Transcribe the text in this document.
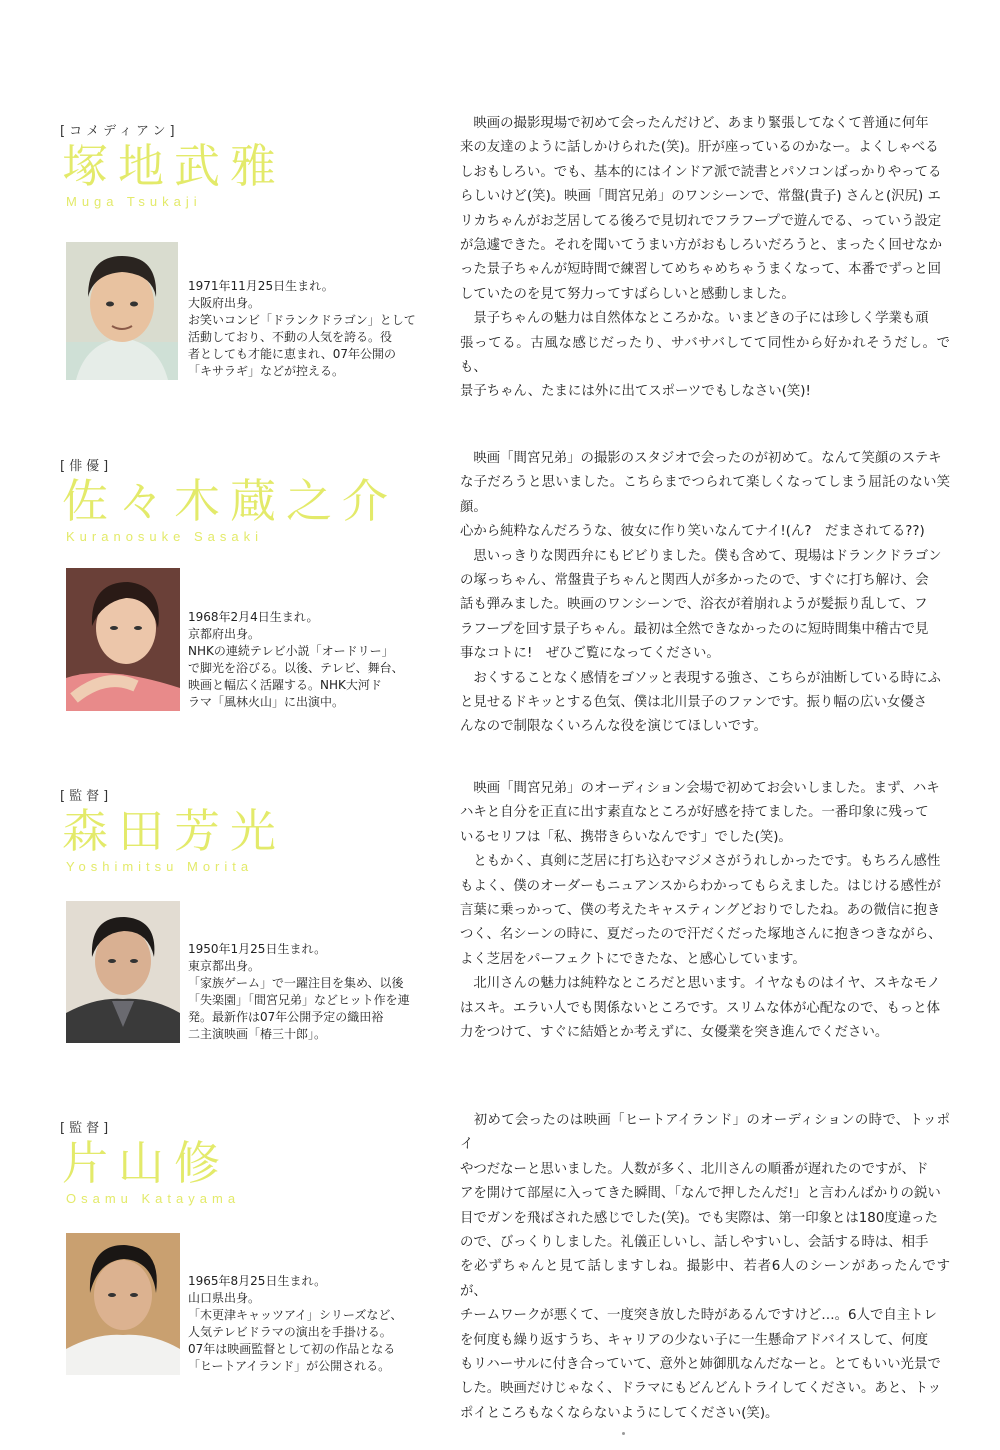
[コメディアン]
塚地武雅
Muga Tsukaji
1971年11月25日生まれ。
大阪府出身。
お笑いコンビ「ドランクドラゴン」として
活動しており、不動の人気を誇る。役
者としても才能に恵まれ、07年公開の
「キサラギ」などが控える。
　映画の撮影現場で初めて会ったんだけど、あまり緊張してなくて普通に何年
来の友達のように話しかけられた(笑)。肝が座っているのかなー。よくしゃべる
しおもしろい。でも、基本的にはインドア派で読書とパソコンばっかりやってる
らしいけど(笑)。映画「間宮兄弟」のワンシーンで、常盤(貴子) さんと(沢尻) エ
リカちゃんがお芝居してる後ろで見切れでフラフープで遊んでる、っていう設定
が急遽できた。それを聞いてうまい方がおもしろいだろうと、まったく回せなか
った景子ちゃんが短時間で練習してめちゃめちゃうまくなって、本番でずっと回
していたのを見て努力ってすばらしいと感動しました。
　景子ちゃんの魅力は自然体なところかな。いまどきの子には珍しく学業も頑
張ってる。古風な感じだったり、サバサバしてて同性から好かれそうだし。でも、
景子ちゃん、たまには外に出てスポーツでもしなさい(笑)!
[俳優]
佐々木蔵之介
Kuranosuke Sasaki
1968年2月4日生まれ。
京都府出身。
NHKの連続テレビ小説「オードリー」
で脚光を浴びる。以後、テレビ、舞台、
映画と幅広く活躍する。NHK大河ド
ラマ「風林火山」に出演中。
　映画「間宮兄弟」の撮影のスタジオで会ったのが初めて。なんて笑顔のステキ
な子だろうと思いました。こちらまでつられて楽しくなってしまう屈託のない笑顔。
心から純粋なんだろうな、彼女に作り笑いなんてナイ!(ん?　だまされてる??)
　思いっきりな関西弁にもビビりました。僕も含めて、現場はドランクドラゴン
の塚っちゃん、常盤貴子ちゃんと関西人が多かったので、すぐに打ち解け、会
話も弾みました。映画のワンシーンで、浴衣が着崩れようが髪振り乱して、フ
ラフープを回す景子ちゃん。最初は全然できなかったのに短時間集中稽古で見
事なコトに!　ぜひご覧になってください。
　おくすることなく感情をゴソッと表現する強さ、こちらが油断している時にふ
と見せるドキッとする色気、僕は北川景子のファンです。振り幅の広い女優さ
んなので制限なくいろんな役を演じてほしいです。
[監督]
森田芳光
Yoshimitsu Morita
1950年1月25日生まれ。
東京都出身。
「家族ゲーム」で一躍注目を集め、以後
「失楽園」「間宮兄弟」などヒット作を連
発。最新作は07年公開予定の織田裕
二主演映画「椿三十郎」。
　映画「間宮兄弟」のオーディション会場で初めてお会いしました。まず、ハキ
ハキと自分を正直に出す素直なところが好感を持てました。一番印象に残って
いるセリフは「私、携帯きらいなんです」でした(笑)。
　ともかく、真剣に芝居に打ち込むマジメさがうれしかったです。もちろん感性
もよく、僕のオーダーもニュアンスからわかってもらえました。はじける感性が
言葉に乗っかって、僕の考えたキャスティングどおりでしたね。あの微信に抱き
つく、名シーンの時に、夏だったので汗だくだった塚地さんに抱きつきながら、
よく芝居をパーフェクトにできたな、と感心しています。
　北川さんの魅力は純粋なところだと思います。イヤなものはイヤ、スキなモノ
はスキ。エラい人でも関係ないところです。スリムな体が心配なので、もっと体
力をつけて、すぐに結婚とか考えずに、女優業を突き進んでください。
[監督]
片山修
Osamu Katayama
1965年8月25日生まれ。
山口県出身。
「木更津キャッツアイ」シリーズなど、
人気テレビドラマの演出を手掛ける。
07年は映画監督として初の作品となる
「ヒートアイランド」が公開される。
　初めて会ったのは映画「ヒートアイランド」のオーディションの時で、トッポイ
やつだなーと思いました。人数が多く、北川さんの順番が遅れたのですが、ド
アを開けて部屋に入ってきた瞬間、「なんで押したんだ!」と言わんばかりの鋭い
目でガンを飛ばされた感じでした(笑)。でも実際は、第一印象とは180度違った
ので、びっくりしました。礼儀正しいし、話しやすいし、会話する時は、相手
を必ずちゃんと見て話しますしね。撮影中、若者6人のシーンがあったんですが、
チームワークが悪くて、一度突き放した時があるんですけど…。6人で自主トレ
を何度も繰り返すうち、キャリアの少ない子に一生懸命アドバイスして、何度
もリハーサルに付き合っていて、意外と姉御肌なんだなーと。とてもいい光景で
した。映画だけじゃなく、ドラマにもどんどんトライしてください。あと、トッ
ポイところもなくならないようにしてください(笑)。
